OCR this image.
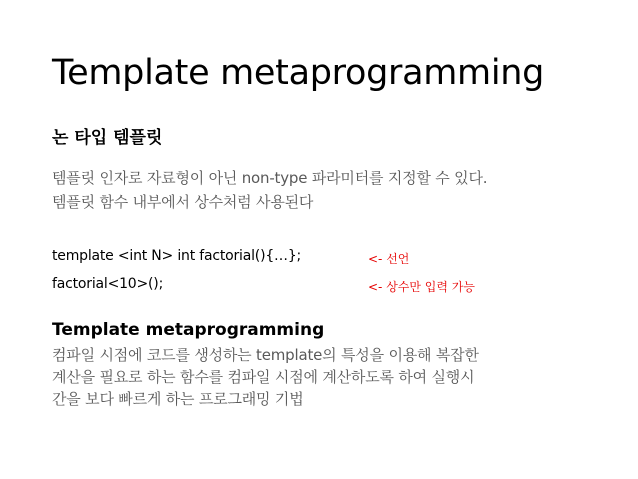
Template metaprogramming
논 타입 템플릿
템플릿 인자로 자료형이 아닌 non-type 파라미터를 지정할 수 있다.
템플릿 함수 내부에서 상수처럼 사용된다
template <int N> int factorial(){…};	<- 선언
factorial<10>();	<- 상수만 입력 가능
Template metaprogramming
컴파일 시점에 코드를 생성하는 template의 특성을 이용해 복잡한
계산을 필요로 하는 함수를 컴파일 시점에 계산하도록 하여 실행시
간을 보다 빠르게 하는 프로그래밍 기법
